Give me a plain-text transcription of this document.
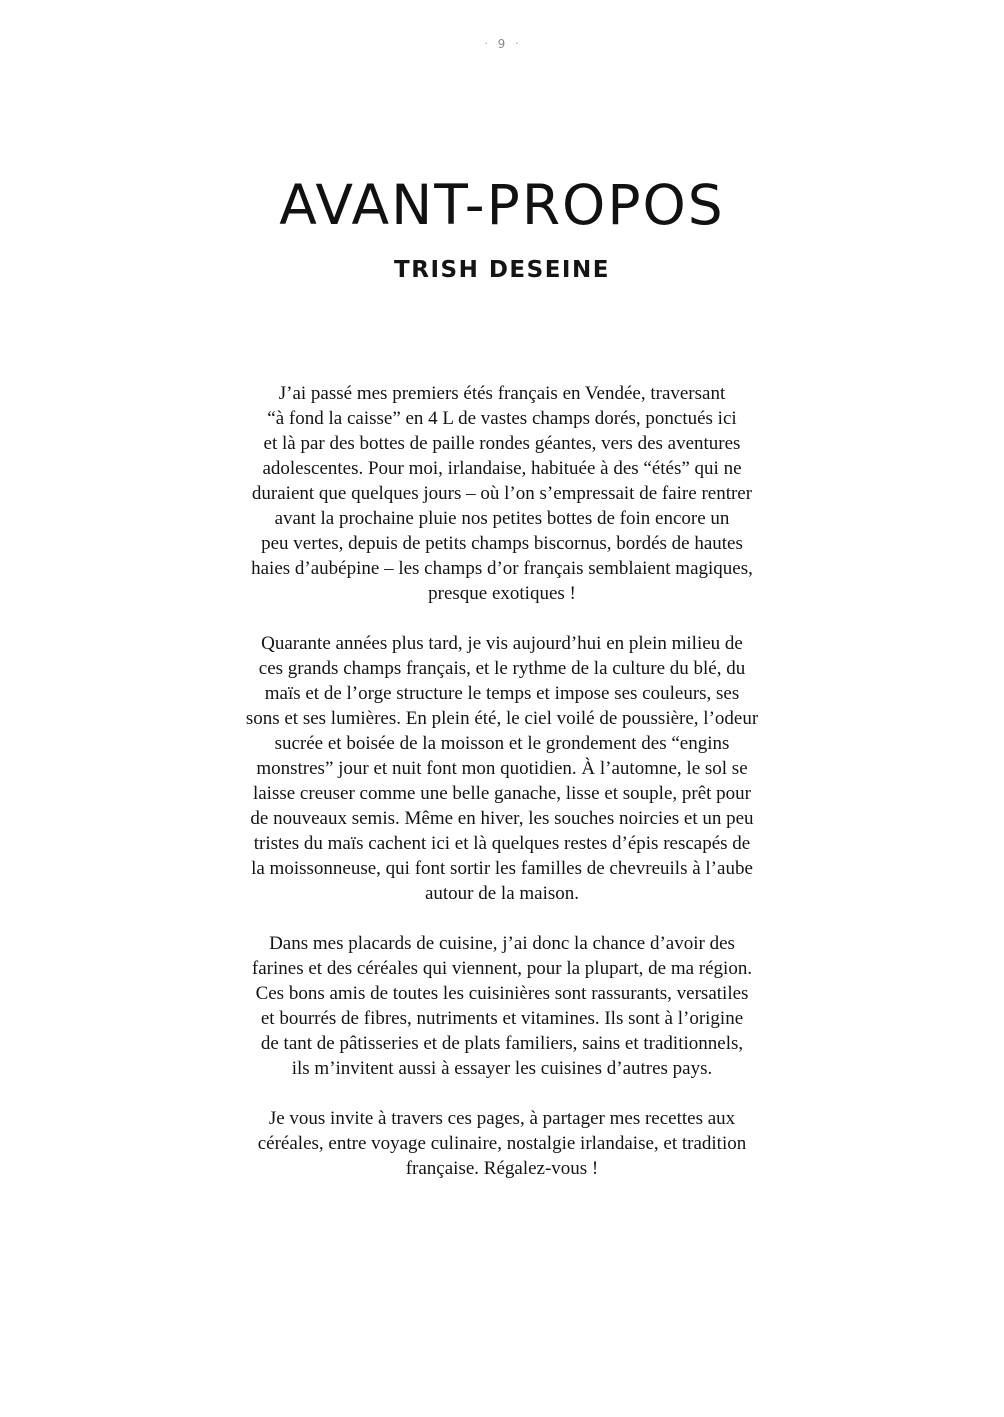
· 9 ·
AVANT-PROPOS
TRISH DESEINE

J’ai passé mes premiers étés français en Vendée, traversant
“à fond la caisse” en 4 L de vastes champs dorés, ponctués ici
et là par des bottes de paille rondes géantes, vers des aventures
adolescentes. Pour moi, irlandaise, habituée à des “étés” qui ne
duraient que quelques jours – où l’on s’empressait de faire rentrer
avant la prochaine pluie nos petites bottes de foin encore un
peu vertes, depuis de petits champs biscornus, bordés de hautes
haies d’aubépine – les champs d’or français semblaient magiques,
presque exotiques !

Quarante années plus tard, je vis aujourd’hui en plein milieu de
ces grands champs français, et le rythme de la culture du blé, du
maïs et de l’orge structure le temps et impose ses couleurs, ses
sons et ses lumières. En plein été, le ciel voilé de poussière, l’odeur
sucrée et boisée de la moisson et le grondement des “engins
monstres” jour et nuit font mon quotidien. À l’automne, le sol se
laisse creuser comme une belle ganache, lisse et souple, prêt pour
de nouveaux semis. Même en hiver, les souches noircies et un peu
tristes du maïs cachent ici et là quelques restes d’épis rescapés de
la moissonneuse, qui font sortir les familles de chevreuils à l’aube
autour de la maison.

Dans mes placards de cuisine, j’ai donc la chance d’avoir des
farines et des céréales qui viennent, pour la plupart, de ma région.
Ces bons amis de toutes les cuisinières sont rassurants, versatiles
et bourrés de fibres, nutriments et vitamines. Ils sont à l’origine
de tant de pâtisseries et de plats familiers, sains et traditionnels,
ils m’invitent aussi à essayer les cuisines d’autres pays.

Je vous invite à travers ces pages, à partager mes recettes aux
céréales, entre voyage culinaire, nostalgie irlandaise, et tradition
française. Régalez-vous !
